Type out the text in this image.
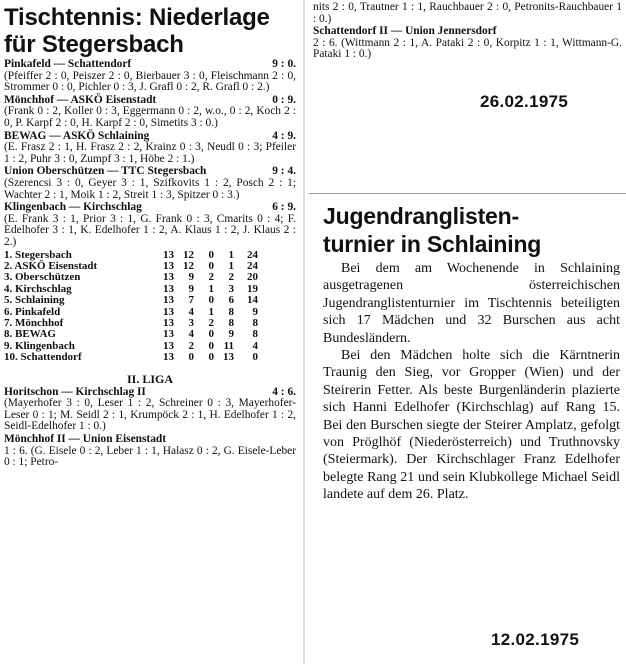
Tischtennis: Niederlage für Stegersbach
Pinkafeld — Schattendorf	9 : 0.

(Pfeiffer 2 : 0, Peiszer 2 : 0, Bierbauer 3 : 0, Fleischmann 2 : 0, Strommer 0 : 0, Pichler 0 : 3, J. Grafl 0 : 2, R. Grafl 0 : 2.)

Mönchhof — ASKÖ Eisenstadt	0 : 9.

(Frank 0 : 2, Koller 0 : 3, Eggermann 0 : 2, w.o., 0 : 2, Koch 2 : 0, P. Karpf 2 : 0, H. Karpf 2 : 0, Simetits 3 : 0.)

BEWAG — ASKÖ Schlaining	4 : 9.

(E. Frasz 2 : 1, H. Frasz 2 : 2, Krainz 0 : 3, Neudl 0 : 3; Pfeiler 1 : 2, Puhr 3 : 0, Zumpf 3 : 1, Höbe 2 : 1.)

Union Oberschützen — TTC Stegersbach	9 : 4.

(Szerencsi 3 : 0, Geyer 3 : 1, Szifkovits 1 : 2, Posch 2 : 1; Wachter 2 : 1, Moik 1 : 2, Streit 1 : 3, Spitzer 0 : 3.)

Klingenbach — Kirchschlag	6 : 9.

(E. Frank 3 : 1, Prior 3 : 1, G. Frank 0 : 3, Cmarits 0 : 4; F. Edelhofer 3 : 1, K. Edelhofer 1 : 2, A. Klaus 1 : 2, J. Klaus 2 : 2.)

1. Stegersbach	13	12	0	1	24
2. ASKÖ Eisenstadt	13	12	0	1	24
3. Oberschützen	13	9	2	2	20
4. Kirchschlag	13	9	1	3	19
5. Schlaining	13	7	0	6	14
6. Pinkafeld	13	4	1	8	9
7. Mönchhof	13	3	2	8	8
8. BEWAG	13	4	0	9	8
9. Klingenbach	13	2	0	11	4
10. Schattendorf	13	0	0	13	0
II. LIGA
Horitschon — Kirchschlag II	4 : 6.

(Mayerhofer 3 : 0, Leser 1 : 2, Schreiner 0 : 3, Mayerhofer-Leser 0 : 1; M. Seidl 2 : 1, Krumpöck 2 : 1, H. Edelhofer 1 : 2, Seidl-Edelhofer 1 : 0.)

Mönchhof II — Union Eisenstadt

1 : 6. (G. Eisele 0 : 2, Leber 1 : 1, Halasz 0 : 2, G. Eisele-Leber 0 : 1; Petro-

nits 2 : 0, Trautner 1 : 1, Rauchbauer 2 : 0, Petronits-Rauchbauer 1 : 0.)

Schattendorf II — Union Jennersdorf

2 : 6. (Wittmann 2 : 1, A. Pataki 2 : 0, Korpitz 1 : 1, Wittmann-G. Pataki 1 : 0.)

26.02.1975
Jugendranglisten-
turnier in Schlaining

Bei dem am Wochenende in Schlaining ausgetragenen österreichischen Jugendranglistenturnier im Tischtennis beteiligten sich 17 Mädchen und 32 Burschen aus acht Bundesländern.

Bei den Mädchen holte sich die Kärntnerin Traunig den Sieg, vor Gropper (Wien) und der Steirerin Fetter. Als beste Burgenländerin plazierte sich Hanni Edelhofer (Kirchschlag) auf Rang 15. Bei den Burschen siegte der Steirer Amplatz, gefolgt von Pröglhöf (Niederösterreich) und Truthnovsky (Steiermark). Der Kirchschlager Franz Edelhofer belegte Rang 21 und sein Klubkollege Michael Seidl landete auf dem 26. Platz.

12.02.1975
